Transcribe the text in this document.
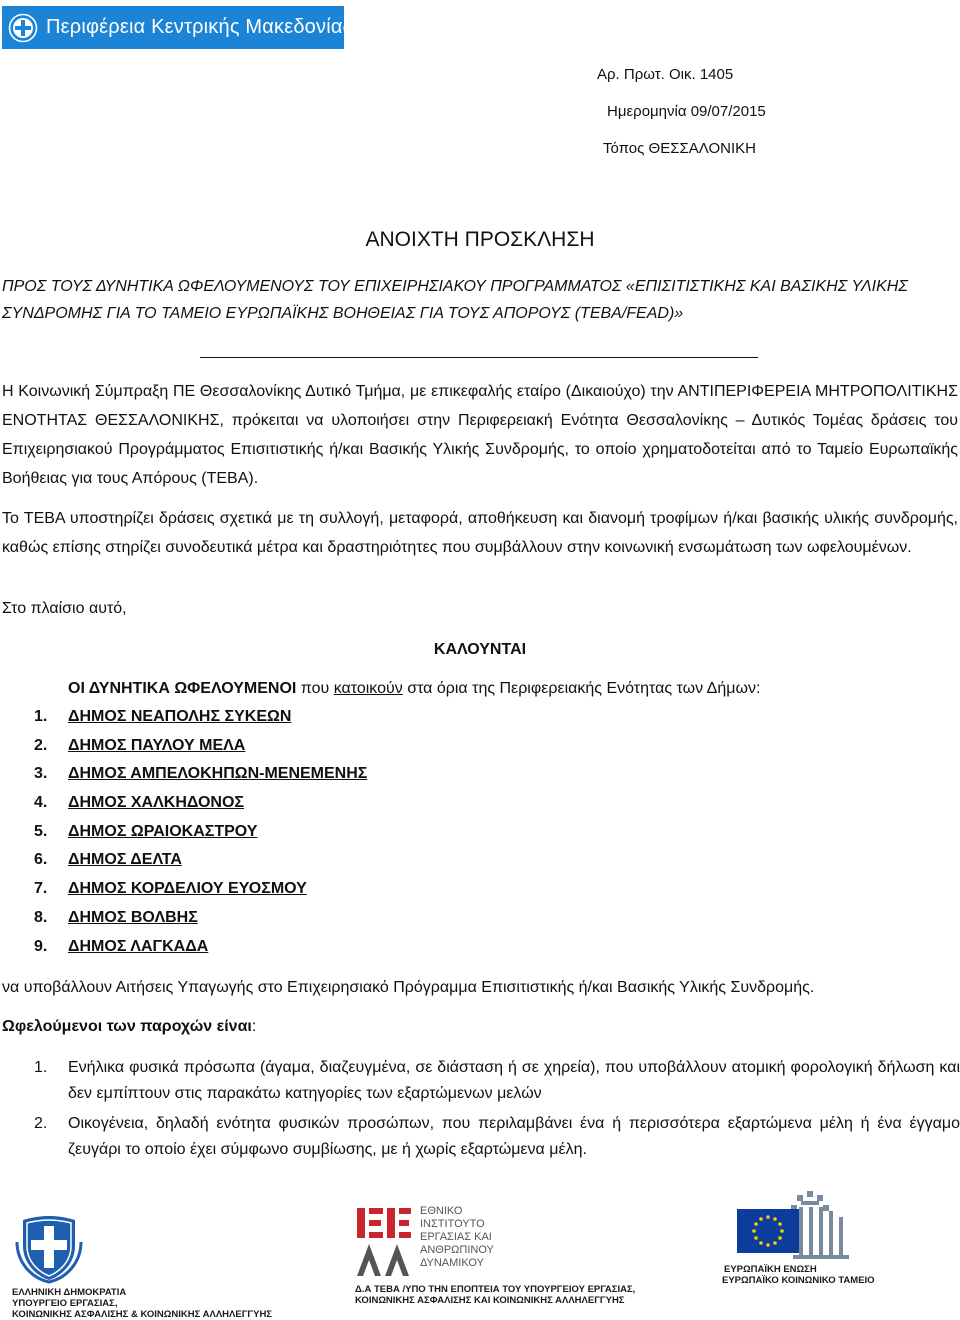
Περιφέρεια Κεντρικής Μακεδονίας
Αρ. Πρωτ. Οικ. 1405
Ημερομηνία 09/07/2015
Τόπος ΘΕΣΣΑΛΟΝΙΚΗ
ΑΝΟΙΧΤΗ ΠΡΟΣΚΛΗΣΗ
ΠΡΟΣ ΤΟΥΣ ΔΥΝΗΤΙΚΑ ΩΦΕΛΟΥΜΕΝΟΥΣ ΤΟΥ ΕΠΙΧΕΙΡΗΣΙΑΚΟΥ ΠΡΟΓΡΑΜΜΑΤΟΣ «ΕΠΙΣΙΤΙΣΤΙΚΗΣ ΚΑΙ ΒΑΣΙΚΗΣ ΥΛΙΚΗΣ ΣΥΝΔΡΟΜΗΣ ΓΙΑ ΤΟ ΤΑΜΕΙΟ ΕΥΡΩΠΑΪΚΗΣ ΒΟΗΘΕΙΑΣ ΓΙΑ ΤΟΥΣ ΑΠΟΡΟΥΣ (ΤΕΒΑ/FEAD)»
Η Κοινωνική Σύμπραξη ΠΕ Θεσσαλονίκης Δυτικό Τμήμα, με επικεφαλής εταίρο (Δικαιούχο) την ΑΝΤΙΠΕΡΙΦΕΡΕΙΑ ΜΗΤΡΟΠΟΛΙΤΙΚΗΣ ΕΝΟΤΗΤΑΣ ΘΕΣΣΑΛΟΝΙΚΗΣ, πρόκειται να υλοποιήσει στην Περιφερειακή Ενότητα Θεσσαλονίκης – Δυτικός Τομέας δράσεις του Επιχειρησιακού Προγράμματος Επισιτιστικής ή/και Βασικής Υλικής Συνδρομής, το οποίο χρηματοδοτείται από το Ταμείο Ευρωπαϊκής Βοήθειας για τους Απόρους (ΤΕΒΑ).
Το ΤΕΒΑ υποστηρίζει δράσεις σχετικά με τη συλλογή, μεταφορά, αποθήκευση και διανομή τροφίμων ή/και βασικής υλικής συνδρομής, καθώς επίσης στηρίζει συνοδευτικά μέτρα και δραστηριότητες που συμβάλλουν στην κοινωνική ενσωμάτωση των ωφελουμένων.
Στο πλαίσιο αυτό,
ΚΑΛΟΥΝΤΑΙ
ΟΙ ΔΥΝΗΤΙΚΑ ΩΦΕΛΟΥΜΕΝΟΙ που κατοικούν στα όρια της Περιφερειακής Ενότητας των Δήμων:
1. ΔΗΜΟΣ ΝΕΑΠΟΛΗΣ ΣΥΚΕΩΝ
2. ΔΗΜΟΣ ΠΑΥΛΟΥ ΜΕΛΑ
3. ΔΗΜΟΣ ΑΜΠΕΛΟΚΗΠΩΝ-ΜΕΝΕΜΕΝΗΣ
4. ΔΗΜΟΣ ΧΑΛΚΗΔΟΝΟΣ
5. ΔΗΜΟΣ ΩΡΑΙΟΚΑΣΤΡΟΥ
6. ΔΗΜΟΣ ΔΕΛΤΑ
7. ΔΗΜΟΣ ΚΟΡΔΕΛΙΟΥ ΕΥΟΣΜΟΥ
8. ΔΗΜΟΣ ΒΟΛΒΗΣ
9. ΔΗΜΟΣ ΛΑΓΚΑΔΑ
να υποβάλλουν Αιτήσεις Υπαγωγής στο Επιχειρησιακό Πρόγραμμα Επισιτιστικής ή/και Βασικής Υλικής Συνδρομής.
Ωφελούμενοι των παροχών είναι:
1. Ενήλικα φυσικά πρόσωπα (άγαμα, διαζευγμένα, σε διάσταση ή σε χηρεία), που υποβάλλουν ατομική φορολογική δήλωση και δεν εμπίπτουν στις παρακάτω κατηγορίες των εξαρτώμενων μελών
2. Οικογένεια, δηλαδή ενότητα φυσικών προσώπων, που περιλαμβάνει ένα ή περισσότερα εξαρτώμενα μέλη ή ένα έγγαμο ζευγάρι το οποίο έχει σύμφωνο συμβίωσης, με ή χωρίς εξαρτώμενα μέλη.
ΕΛΛΗΝΙΚΗ ΔΗΜΟΚΡΑΤΙΑ
ΥΠΟΥΡΓΕΙΟ ΕΡΓΑΣΙΑΣ,
ΚΟΙΝΩΝΙΚΗΣ ΑΣΦΑΛΙΣΗΣ & ΚΟΙΝΩΝΙΚΗΣ ΑΛΛΗΛΕΓΓΥΗΣ
ΕΘΝΙΚΟ
ΙΝΣΤΙΤΟΥΤΟ
ΕΡΓΑΣΙΑΣ ΚΑΙ
ΑΝΘΡΩΠΙΝΟΥ
ΔΥΝΑΜΙΚΟΥ
Δ.Α ΤΕΒΑ /ΥΠΟ ΤΗΝ ΕΠΟΠΤΕΙΑ ΤΟΥ ΥΠΟΥΡΓΕΙΟΥ ΕΡΓΑΣΙΑΣ,
ΚΟΙΝΩΝΙΚΗΣ ΑΣΦΑΛΙΣΗΣ ΚΑΙ ΚΟΙΝΩΝΙΚΗΣ ΑΛΛΗΛΕΓΓΥΗΣ
ΕΥΡΩΠΑΪΚΗ ΕΝΩΣΗ
ΕΥΡΩΠΑΪΚΟ ΚΟΙΝΩΝΙΚΟ ΤΑΜΕΙΟ
